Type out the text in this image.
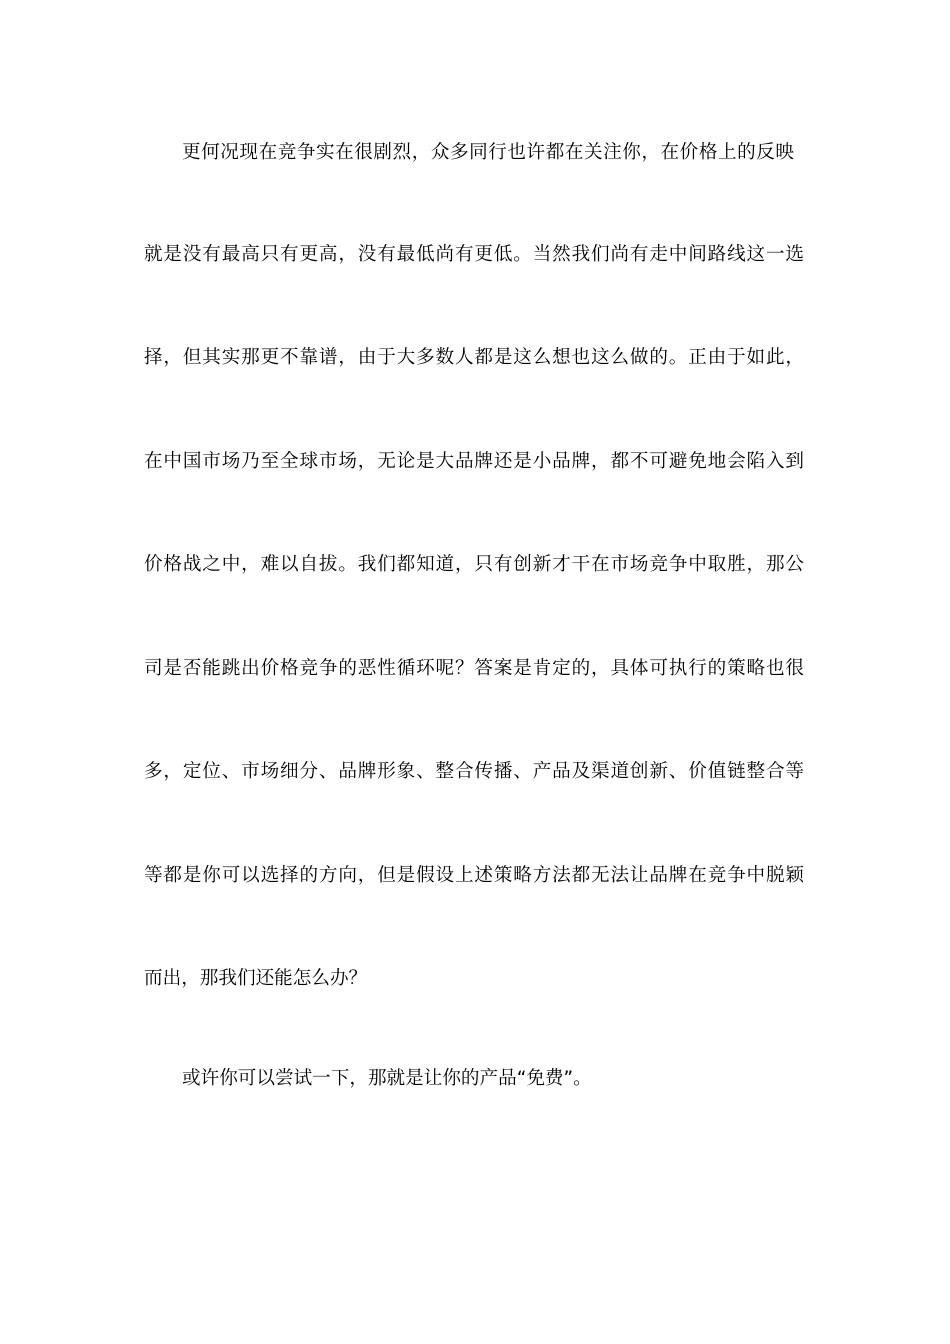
更何况现在竞争实在很剧烈，众多同行也许都在关注你，在价格上的反映
就是没有最高只有更高，没有最低尚有更低。当然我们尚有走中间路线这一选
择，但其实那更不靠谱，由于大多数人都是这么想也这么做的。正由于如此，
在中国市场乃至全球市场，无论是大品牌还是小品牌，都不可避免地会陷入到
价格战之中，难以自拔。我们都知道，只有创新才干在市场竞争中取胜，那公
司是否能跳出价格竞争的恶性循环呢？答案是肯定的，具体可执行的策略也很
多，定位、市场细分、品牌形象、整合传播、产品及渠道创新、价值链整合等
等都是你可以选择的方向，但是假设上述策略方法都无法让品牌在竞争中脱颖
而出，那我们还能怎么办？
或许你可以尝试一下，那就是让你的产品“免费”。
